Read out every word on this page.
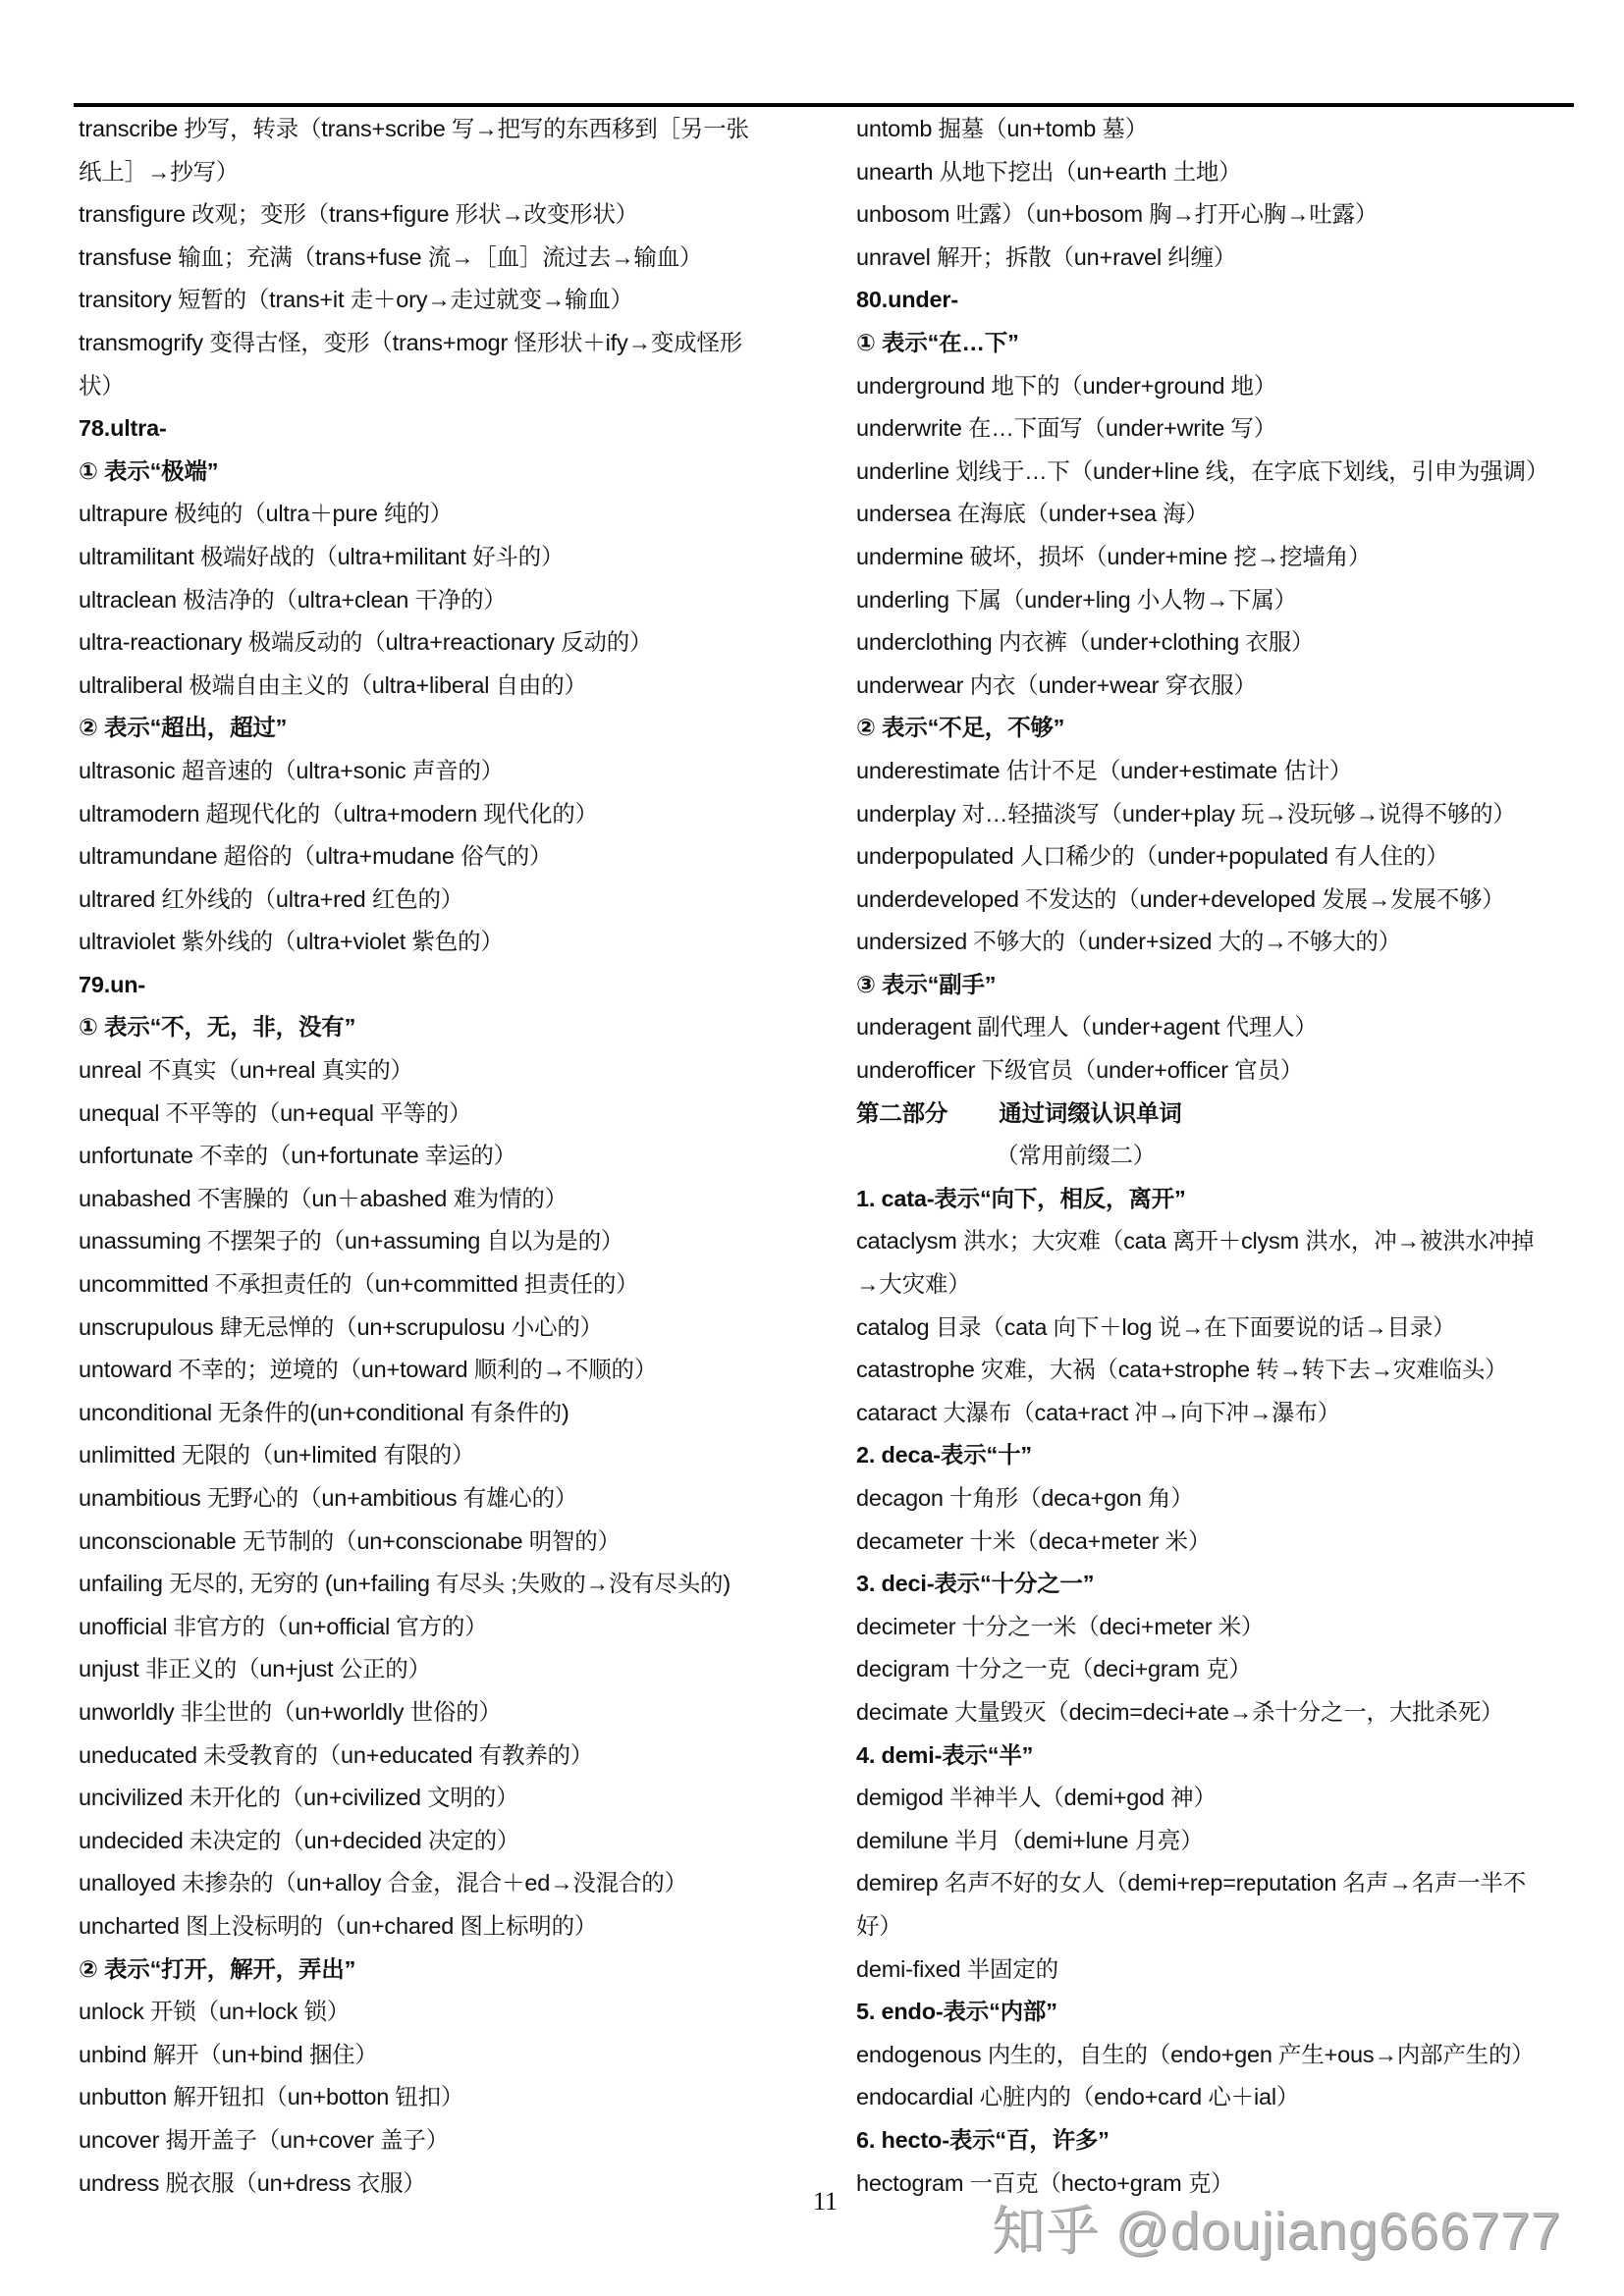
transcribe 抄写，转录（trans+scribe 写→把写的东西移到［另一张
纸上］→抄写）
transfigure 改观；变形（trans+figure 形状→改变形状）
transfuse 输血；充满（trans+fuse 流→［血］流过去→输血）
transitory 短暂的（trans+it 走＋ory→走过就变→输血）
transmogrify 变得古怪，变形（trans+mogr 怪形状＋ify→变成怪形
状）
78.ultra-
① 表示“极端”
ultrapure 极纯的（ultra＋pure 纯的）
ultramilitant 极端好战的（ultra+militant 好斗的）
ultraclean 极洁净的（ultra+clean 干净的）
ultra-reactionary 极端反动的（ultra+reactionary 反动的）
ultraliberal 极端自由主义的（ultra+liberal 自由的）
② 表示“超出，超过”
ultrasonic 超音速的（ultra+sonic 声音的）
ultramodern 超现代化的（ultra+modern 现代化的）
ultramundane 超俗的（ultra+mudane 俗气的）
ultrared 红外线的（ultra+red 红色的）
ultraviolet 紫外线的（ultra+violet 紫色的）
79.un-
① 表示“不，无，非，没有”
unreal 不真实（un+real 真实的）
unequal 不平等的（un+equal 平等的）
unfortunate 不幸的（un+fortunate 幸运的）
unabashed 不害臊的（un＋abashed 难为情的）
unassuming 不摆架子的（un+assuming 自以为是的）
uncommitted 不承担责任的（un+committed 担责任的）
unscrupulous 肆无忌惮的（un+scrupulosu 小心的）
untoward 不幸的；逆境的（un+toward 顺利的→不顺的）
unconditional 无条件的(un+conditional 有条件的)
unlimitted 无限的（un+limited 有限的）
unambitious 无野心的（un+ambitious 有雄心的）
unconscionable 无节制的（un+conscionabe 明智的）
unfailing 无尽的, 无穷的 (un+failing 有尽头 ;失败的→没有尽头的)
unofficial 非官方的（un+official 官方的）
unjust 非正义的（un+just 公正的）
unworldly 非尘世的（un+worldly 世俗的）
uneducated 未受教育的（un+educated 有教养的）
uncivilized 未开化的（un+civilized 文明的）
undecided 未决定的（un+decided 决定的）
unalloyed 未掺杂的（un+alloy 合金，混合＋ed→没混合的）
uncharted 图上没标明的（un+chared 图上标明的）
② 表示“打开，解开，弄出”
unlock 开锁（un+lock 锁）
unbind 解开（un+bind 捆住）
unbutton 解开钮扣（un+botton 钮扣）
uncover 揭开盖子（un+cover 盖子）
undress 脱衣服（un+dress 衣服）
untomb 掘墓（un+tomb 墓）
unearth 从地下挖出（un+earth 土地）
unbosom 吐露）（un+bosom 胸→打开心胸→吐露）
unravel 解开；拆散（un+ravel 纠缠）
80.under-
① 表示“在…下”
underground 地下的（under+ground 地）
underwrite 在…下面写（under+write 写）
underline 划线于…下（under+line 线，在字底下划线，引申为强调）
undersea 在海底（under+sea 海）
undermine 破坏，损坏（under+mine 挖→挖墙角）
underling 下属（under+ling 小人物→下属）
underclothing 内衣裤（under+clothing 衣服）
underwear 内衣（under+wear 穿衣服）
② 表示“不足，不够”
underestimate 估计不足（under+estimate 估计）
underplay 对…轻描淡写（under+play 玩→没玩够→说得不够的）
underpopulated 人口稀少的（under+populated 有人住的）
underdeveloped 不发达的（under+developed 发展→发展不够）
undersized 不够大的（under+sized 大的→不够大的）
③ 表示“副手”
underagent 副代理人（under+agent 代理人）
underofficer 下级官员（under+officer 官员）
第二部分 通过词缀认识单词
（常用前缀二）
1. cata-表示“向下，相反，离开”
cataclysm 洪水；大灾难（cata 离开＋clysm 洪水，冲→被洪水冲掉
→大灾难）
catalog 目录（cata 向下＋log 说→在下面要说的话→目录）
catastrophe 灾难，大祸（cata+strophe 转→转下去→灾难临头）
cataract 大瀑布（cata+ract 冲→向下冲→瀑布）
2. deca-表示“十”
decagon 十角形（deca+gon 角）
decameter 十米（deca+meter 米）
3. deci-表示“十分之一”
decimeter 十分之一米（deci+meter 米）
decigram 十分之一克（deci+gram 克）
decimate 大量毁灭（decim=deci+ate→杀十分之一，大批杀死）
4. demi-表示“半”
demigod 半神半人（demi+god 神）
demilune 半月（demi+lune 月亮）
demirep 名声不好的女人（demi+rep=reputation 名声→名声一半不
好）
demi-fixed 半固定的
5. endo-表示“内部”
endogenous 内生的，自生的（endo+gen 产生+ous→内部产生的）
endocardial 心脏内的（endo+card 心＋ial）
6. hecto-表示“百，许多”
hectogram 一百克（hecto+gram 克）
11
知乎 @doujiang666777
